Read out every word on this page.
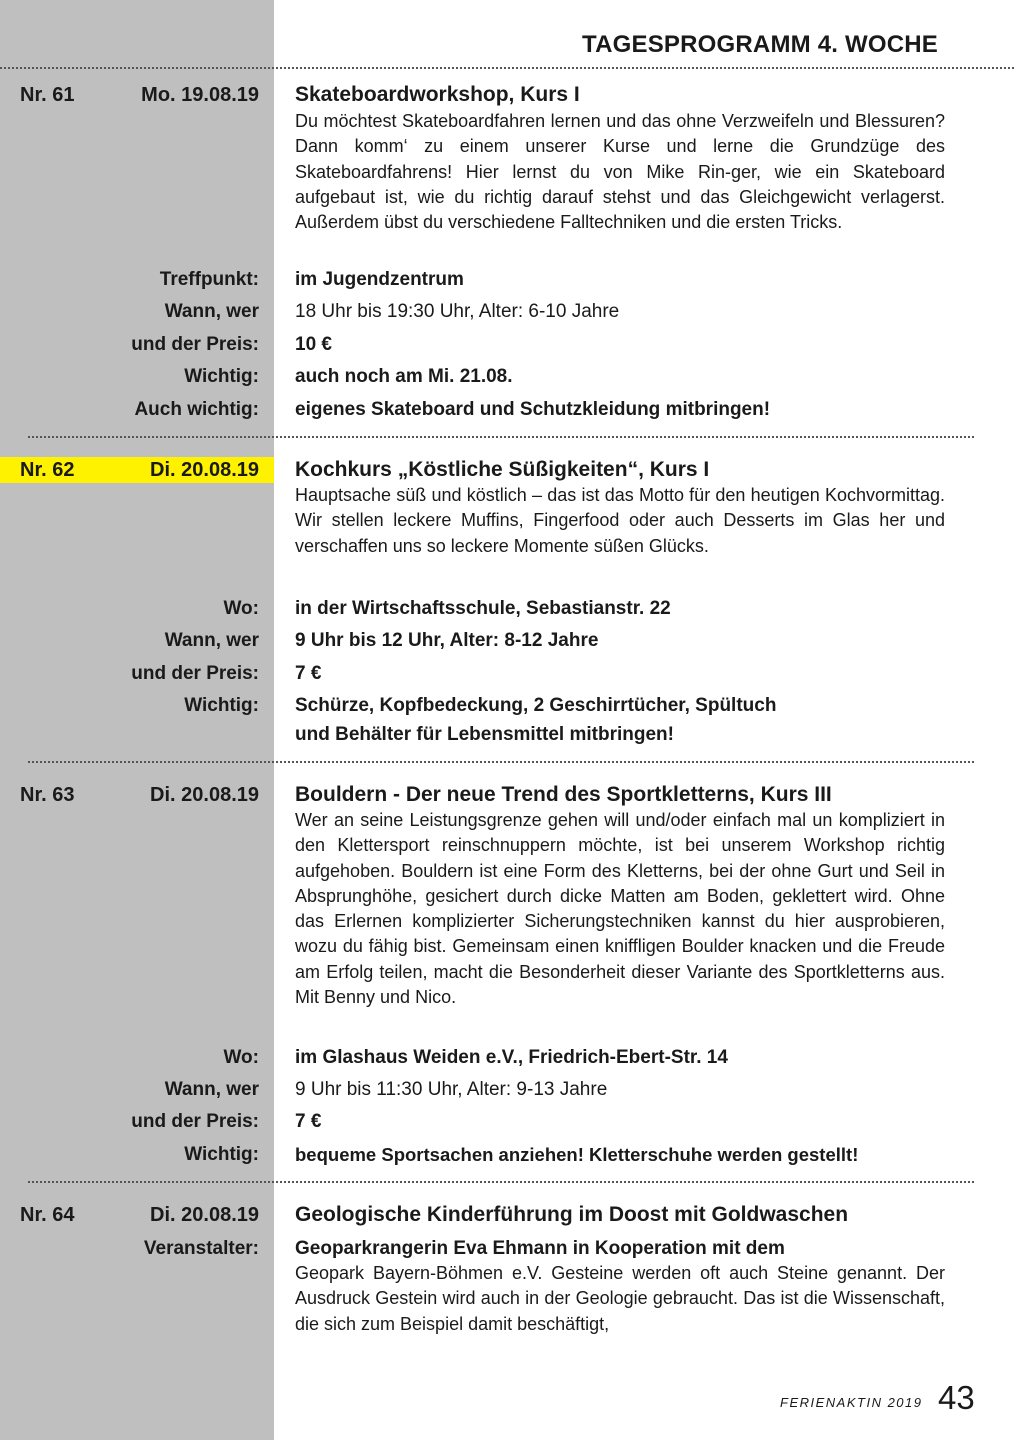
TAGESPROGRAMM 4. WOCHE
Nr. 61	Mo. 19.08.19 Skateboardworkshop, Kurs I
Du möchtest Skateboardfahren lernen und das ohne Verzweifeln und Blessuren? Dann komm‘ zu einem unserer Kurse und lerne die Grundzüge des Skateboardfahrens! Hier lernst du von Mike Rin-ger, wie ein Skateboard aufgebaut ist, wie du richtig darauf stehst und das Gleichgewicht verlagerst. Außerdem übst du verschiedene Falltechniken und die ersten Tricks.
Treffpunkt: im Jugendzentrum
Wann, wer 18 Uhr bis 19:30 Uhr, Alter: 6-10 Jahre
und der Preis: 10 €
Wichtig: auch noch am Mi. 21.08.
Auch wichtig: eigenes Skateboard und Schutzkleidung mitbringen!
Nr. 62	Di. 20.08.19 Kochkurs „Köstliche Süßigkeiten“, Kurs I
Hauptsache süß und köstlich – das ist das Motto für den heutigen Kochvormittag. Wir stellen leckere Muffins, Fingerfood oder auch Desserts im Glas her und verschaffen uns so leckere Momente süßen Glücks.
Wo: in der Wirtschaftsschule, Sebastianstr. 22
Wann, wer 9 Uhr bis 12 Uhr, Alter: 8-12 Jahre
und der Preis: 7 €
Wichtig: Schürze, Kopfbedeckung, 2 Geschirrtücher, Spültuch
und Behälter für Lebensmittel mitbringen!
Nr. 63	Di. 20.08.19 Bouldern - Der neue Trend des Sportkletterns, Kurs III
Wer an seine Leistungsgrenze gehen will und/oder einfach mal un kompliziert in den Klettersport reinschnuppern möchte, ist bei unserem Workshop richtig aufgehoben. Bouldern ist eine Form des Kletterns, bei der ohne Gurt und Seil in Absprunghöhe, gesichert durch dicke Matten am Boden, geklettert wird. Ohne das Erlernen komplizierter Sicherungstechniken kannst du hier ausprobieren, wozu du fähig bist. Gemeinsam einen kniffligen Boulder knacken und die Freude am Erfolg teilen, macht die Besonderheit dieser Variante des Sportkletterns aus. Mit Benny und Nico.
Wo: im Glashaus Weiden e.V., Friedrich-Ebert-Str. 14
Wann, wer 9 Uhr bis 11:30 Uhr, Alter: 9-13 Jahre
und der Preis: 7 €
Wichtig: bequeme Sportsachen anziehen! Kletterschuhe werden gestellt!
Nr. 64	Di. 20.08.19 Geologische Kinderführung im Doost mit Goldwaschen
Veranstalter: Geoparkrangerin Eva Ehmann in Kooperation mit dem
Geopark Bayern-Böhmen e.V. Gesteine werden oft auch Steine genannt. Der Ausdruck Gestein wird auch in der Geologie gebraucht. Das ist die Wissenschaft, die sich zum Beispiel damit beschäftigt,
FERIENAKTIN 2019 43
